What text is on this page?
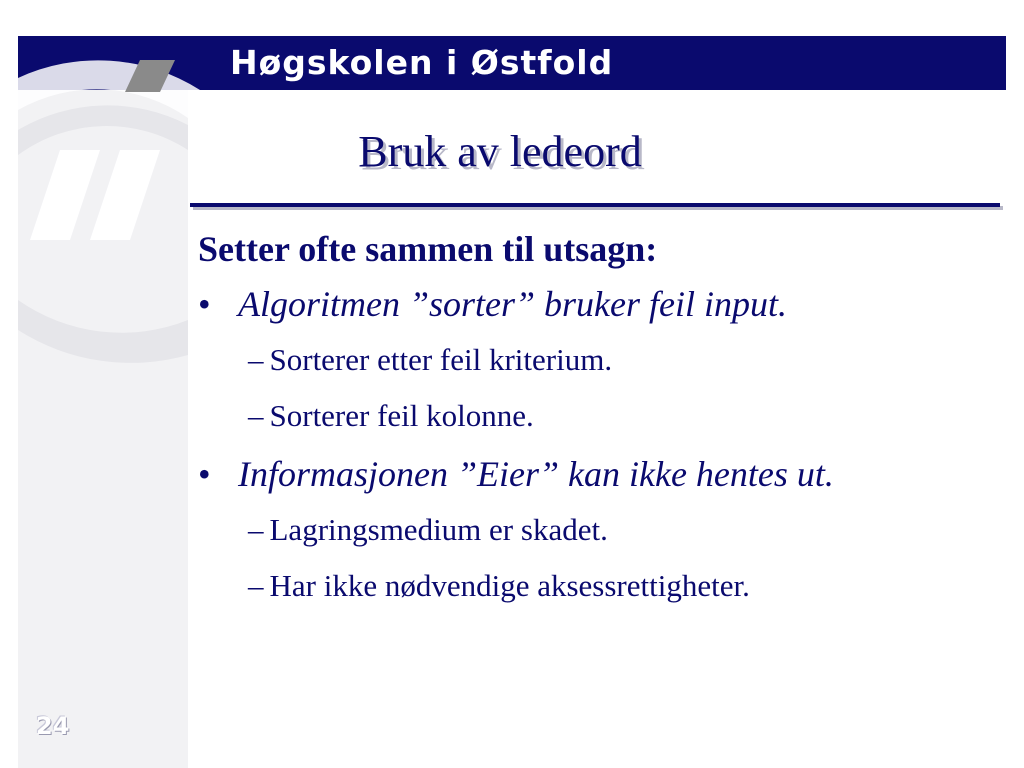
Høgskolen i Østfold
Bruk av ledeord
Setter ofte sammen til utsagn:
• Algoritmen ”sorter” bruker feil input.
– Sorterer etter feil kriterium.
– Sorterer feil kolonne.
• Informasjonen ”Eier” kan ikke hentes ut.
– Lagringsmedium er skadet.
– Har ikke nødvendige aksessrettigheter.
24
